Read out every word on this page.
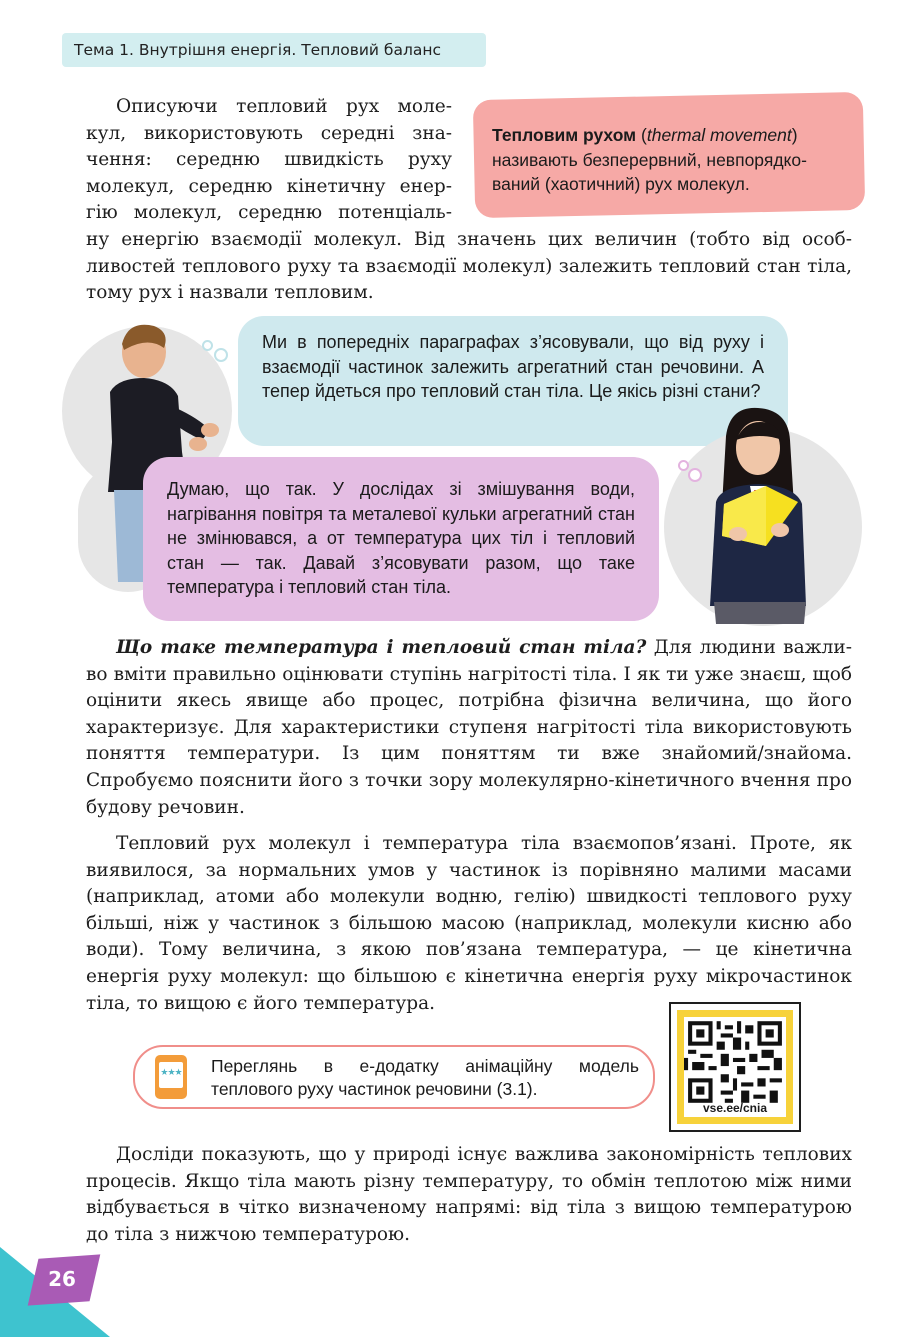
Тема 1. Внутрішня енергія. Тепловий баланс

Тепловим рухом (thermal movement) називають безперервний, невпорядко-ваний (хаотичний) рух молекул.

Описуючи тепловий рух моле-
кул, використовують середні зна-
чення: середню швидкість руху
молекул, середню кінетичну енер-
гію молекул, середню потенціаль-

ну енергію взаємодії молекул. Від значень цих величин (тобто від особливостей теплового руху та взаємодії молекул) залежить тепловий стан тіла, тому рух і назвали тепловим.

Ми в попередніх параграфах з’ясовували, що від руху і взаємодії частинок залежить агрегатний стан речовини. А тепер йдеться про тепловий стан тіла. Це якісь різні стани?
Думаю, що так. У дослідах зі змішування води, нагрівання повітря та металевої кульки агрегатний стан не змінювався, а от температура цих тіл і тепловий стан — так. Давай з’ясовувати разом, що таке температура і тепловий стан тіла.

Що таке температура і тепловий стан тіла? Для людини важливо вміти правильно оцінювати ступінь нагрітості тіла. І як ти уже знаєш, щоб оцінити якесь явище або процес, потрібна фізична величина, що його характеризує. Для характеристики ступеня нагрітості тіла використовують поняття температури. Із цим поняттям ти вже знайомий/знайома. Спробуємо пояснити його з точки зору молекулярно-кінетичного вчення про будову речовин.

Тепловий рух молекул і температура тіла взаємопов’язані. Проте, як виявилося, за нормальних умов у частинок із порівняно малими масами (наприклад, атоми або молекули водню, гелію) швидкості теплового руху більші, ніж у частинок з більшою масою (наприклад, молекули кисню або води). Тому величина, з якою пов’язана температура, — це кінетична енергія руху молекул: що більшою є кінетична енергія руху мікрочастинок тіла, то вищою є його температура.

★★★ Переглянь в е-додатку анімаційну модель теплового руху частинок речовини (3.1).

vse.ee/cnia

Досліди показують, що у природі існує важлива закономірність теплових процесів. Якщо тіла мають різну температуру, то обмін теплотою між ними відбувається в чітко визначеному напрямі: від тіла з вищою температурою до тіла з нижчою температурою.

26
